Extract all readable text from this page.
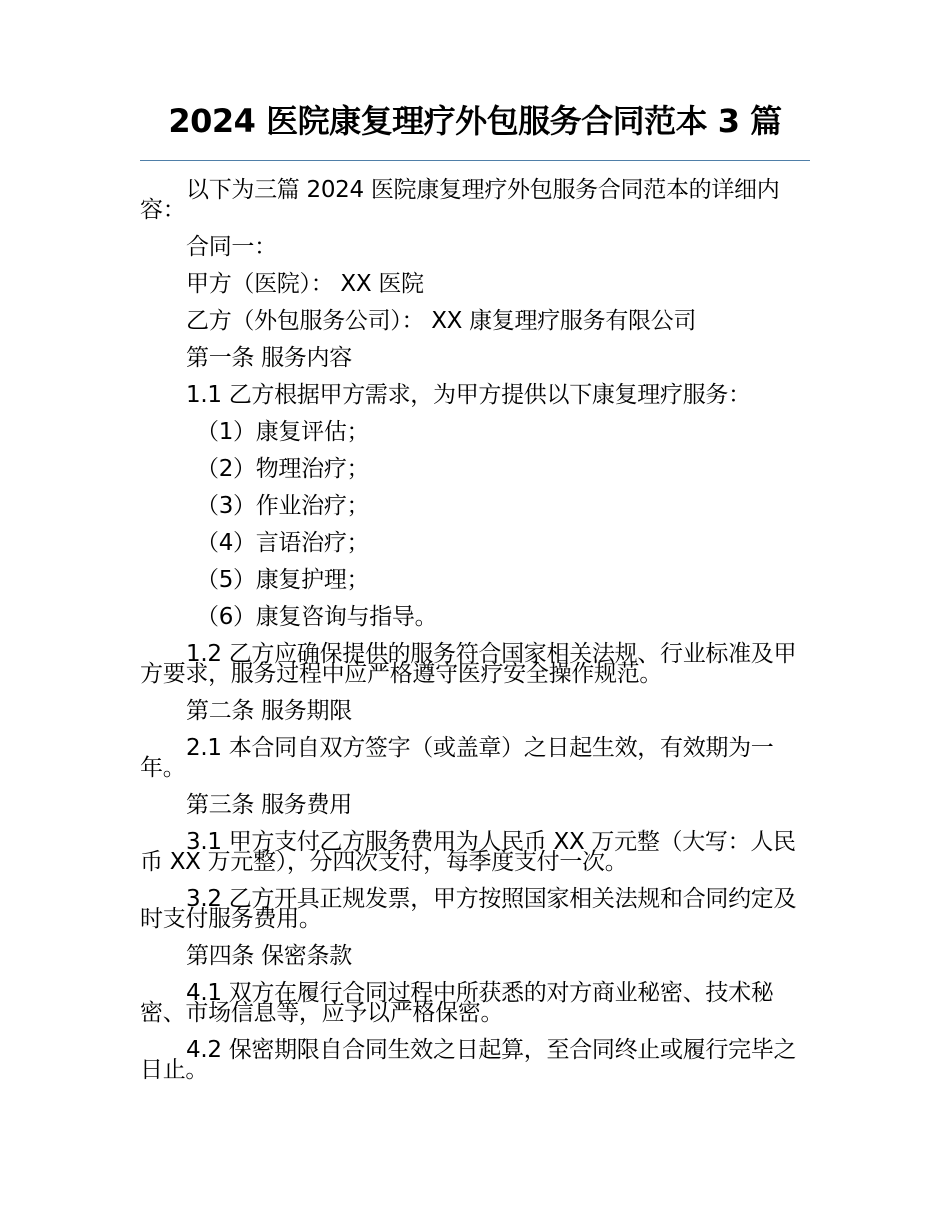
2024 医院康复理疗外包服务合同范本 3 篇

以下为三篇 2024 医院康复理疗外包服务合同范本的详细内容：

合同一：

甲方（医院）： XX 医院

乙方（外包服务公司）： XX 康复理疗服务有限公司

第一条 服务内容

1.1 乙方根据甲方需求，为甲方提供以下康复理疗服务：

（1）康复评估；

（2）物理治疗；

（3）作业治疗；

（4）言语治疗；

（5）康复护理；

（6）康复咨询与指导。

1.2 乙方应确保提供的服务符合国家相关法规、行业标准及甲方要求，服务过程中应严格遵守医疗安全操作规范。

第二条 服务期限

2.1 本合同自双方签字（或盖章）之日起生效，有效期为一年。

第三条 服务费用

3.1 甲方支付乙方服务费用为人民币 XX 万元整（大写：人民币 XX 万元整），分四次支付，每季度支付一次。

3.2 乙方开具正规发票，甲方按照国家相关法规和合同约定及时支付服务费用。

第四条 保密条款

4.1 双方在履行合同过程中所获悉的对方商业秘密、技术秘密、市场信息等，应予以严格保密。

4.2 保密期限自合同生效之日起算，至合同终止或履行完毕之日止。
